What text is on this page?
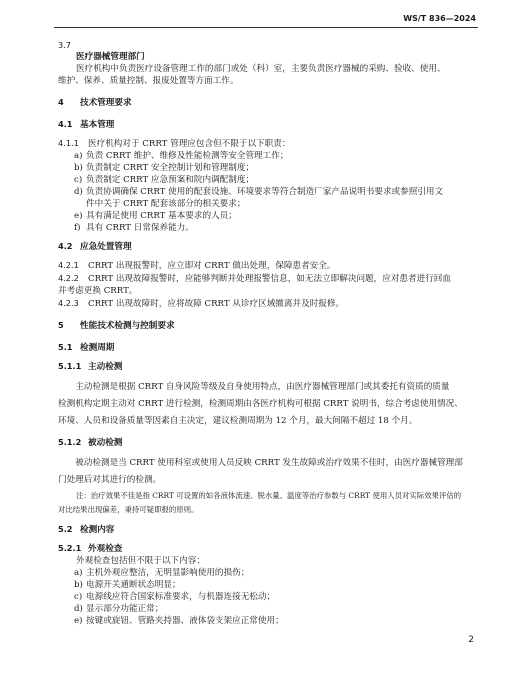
WS/T 836—2024
3.7
医疗器械管理部门
医疗机构中负责医疗设备管理工作的部门或处（科）室，主要负责医疗器械的采购、验收、使用、
维护、保养、质量控制、报废处置等方面工作。
4 技术管理要求
4.1 基本管理
4.1.1 医疗机构对于 CRRT 管理应包含但不限于以下职责：
a) 负责 CRRT 维护、维修及性能检测等安全管理工作；
b) 负责制定 CRRT 安全控制计划和管理制度；
c) 负责制定 CRRT 应急预案和院内调配制度；
d) 负责协调确保 CRRT 使用的配套设施、环境要求等符合制造厂家产品说明书要求或参照引用文
件中关于 CRRT 配套该部分的相关要求；
e) 具有满足使用 CRRT 基本要求的人员；
f) 具有 CRRT 日常保养能力。
4.2 应急处置管理
4.2.1 CRRT 出现报警时，应立即对 CRRT 做出处理，保障患者安全。
4.2.2 CRRT 出现故障报警时，应能够判断并处理报警信息，如无法立即解决问题，应对患者进行回血
并考虑更换 CRRT。
4.2.3 CRRT 出现故障时，应将故障 CRRT 从诊疗区域撤离并及时报修。
5 性能技术检测与控制要求
5.1 检测周期
5.1.1 主动检测
主动检测是根据 CRRT 自身风险等级及自身使用特点，由医疗器械管理部门或其委托有资质的质量
检测机构定期主动对 CRRT 进行检测，检测周期由各医疗机构可根据 CRRT 说明书，综合考虑使用情况、
环境、人员和设备质量等因素自主决定，建议检测周期为 12 个月，最大间隔不超过 18 个月。
5.1.2 被动检测
被动检测是当 CRRT 使用科室或使用人员反映 CRRT 发生故障或治疗效果不佳时，由医疗器械管理部
门处理后对其进行的检测。
注：治疗效果不佳是指 CRRT 可设置的如各液体流速、脱水量、温度等治疗参数与 CRRT 使用人员对实际效果评估的
对比结果出现偏差，秉持可疑即报的原则。
5.2 检测内容
5.2.1 外观检查
外观检查包括但不限于以下内容：
a) 主机外观应整洁，无明显影响使用的损伤；
b) 电源开关通断状态明显；
c) 电源线应符合国家标准要求，与机器连接无松动；
d) 显示部分功能正常；
e) 按键或旋钮、管路夹持器、液体袋支架应正常使用；
2
